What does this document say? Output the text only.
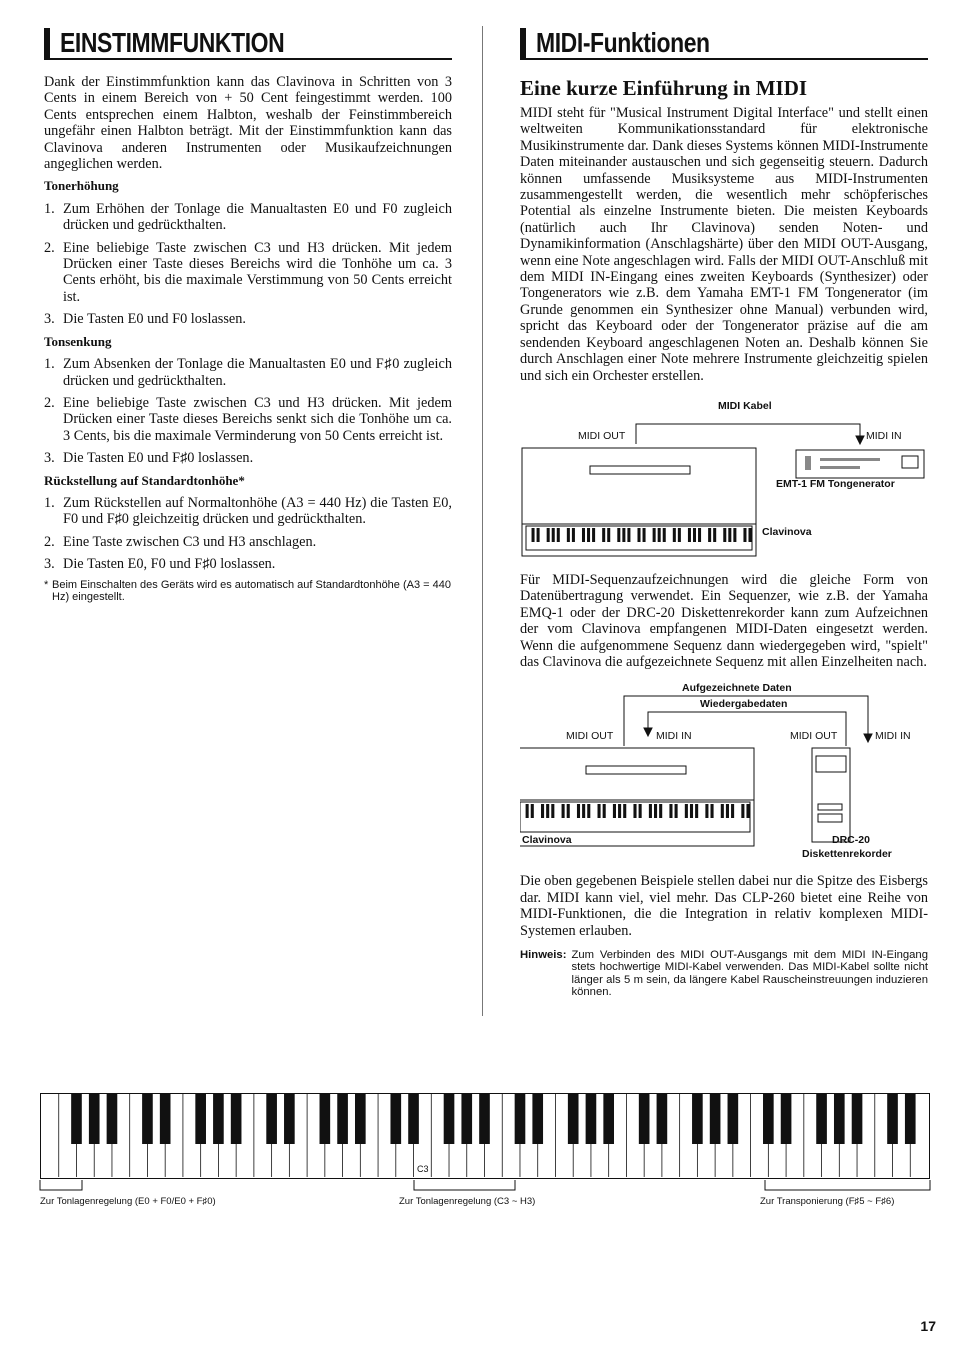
EINSTIMMFUNKTION

Dank der Einstimmfunktion kann das Clavinova in Schritten von 3 Cents in einem Bereich von + 50 Cent feingestimmt werden. 100 Cents entsprechen einem Halbton, weshalb der Feinstimmbereich ungefähr einen Halbton beträgt. Mit der Einstimmfunktion kann das Clavinova anderen Instrumenten oder Musikaufzeichnungen angeglichen werden.

Tonerhöhung
1. Zum Erhöhen der Tonlage die Manualtasten E0 und F0 zugleich drücken und gedrückthalten.
2. Eine beliebige Taste zwischen C3 und H3 drücken. Mit jedem Drücken einer Taste dieses Bereichs wird die Tonhöhe um ca. 3 Cents erhöht, bis die maximale Verstimmung von 50 Cents erreicht ist.
3. Die Tasten E0 und F0 loslassen.
Tonsenkung
1. Zum Absenken der Tonlage die Manualtasten E0 und F♯0 zugleich drücken und gedrückthalten.
2. Eine beliebige Taste zwischen C3 und H3 drücken. Mit jedem Drücken einer Taste dieses Bereichs senkt sich die Tonhöhe um ca. 3 Cents, bis die maximale Verminderung von 50 Cents erreicht ist.
3. Die Tasten E0 und F♯0 loslassen.
Rückstellung auf Standardtonhöhe*
1. Zum Rückstellen auf Normaltonhöhe (A3 = 440 Hz) die Tasten E0, F0 und F♯0 gleichzeitig drücken und gedrückthalten.
2. Eine Taste zwischen C3 und H3 anschlagen.
3. Die Tasten E0, F0 und F♯0 loslassen.
* Beim Einschalten des Geräts wird es automatisch auf Standardtonhöhe (A3 = 440 Hz) eingestellt.
MIDI-Funktionen
Eine kurze Einführung in MIDI

MIDI steht für "Musical Instrument Digital Interface" und stellt einen weltweiten Kommunikationsstandard für elektronische Musikinstrumente dar. Dank dieses Systems können MIDI-Instrumente Daten miteinander austauschen und sich gegenseitig steuern. Dadurch können umfassende Musiksysteme aus MIDI-Instrumenten zusammengestellt werden, die wesentlich mehr schöpferisches Potential als einzelne Instrumente bieten. Die meisten Keyboards (natürlich auch Ihr Clavinova) senden Noten- und Dynamikinformation (Anschlagshärte) über den MIDI OUT-Ausgang, wenn eine Note angeschlagen wird. Falls der MIDI OUT-Anschluß mit dem MIDI IN-Eingang eines zweiten Keyboards (Synthesizer) oder Tongenerators wie z.B. dem Yamaha EMT-1 FM Tongenerator (im Grunde genommen ein Synthesizer ohne Manual) verbunden wird, spricht das Keyboard oder der Tongenerator präzise auf die am sendenden Keyboard angeschlagenen Noten an. Deshalb können Sie durch Anschlagen einer Note mehrere Instrumente gleichzeitig spielen und sich ein Orchester erstellen.

MIDI Kabel
MIDI OUT	MIDI IN
EMT-1 FM Tongenerator
Clavinova

Für MIDI-Sequenzaufzeichnungen wird die gleiche Form von Datenübertragung verwendet. Ein Sequenzer, wie z.B. der Yamaha EMQ-1 oder der DRC-20 Diskettenrekorder kann zum Aufzeichnen der vom Clavinova empfangenen MIDI-Daten eingesetzt werden. Wenn die aufgenommene Sequenz dann wiedergegeben wird, "spielt" das Clavinova die aufgezeichnete Sequenz mit allen Einzelheiten nach.

Aufgezeichnete Daten
Wiedergabedaten
MIDI OUT	MIDI IN	MIDI OUT	MIDI IN
Clavinova	DRC-20
Diskettenrekorder

Die oben gegebenen Beispiele stellen dabei nur die Spitze des Eisbergs dar. MIDI kann viel, viel mehr. Das CLP-260 bietet eine Reihe von MIDI-Funktionen, die die Integration in relativ komplexen MIDI-Systemen erlauben.

Hinweis: Zum Verbinden des MIDI OUT-Ausgangs mit dem MIDI IN-Eingang stets hochwertige MIDI-Kabel verwenden. Das MIDI-Kabel sollte nicht länger als 5 m sein, da längere Kabel Rauscheinstreuungen induzieren können.
C3
Zur Tonlagenregelung (E0 + F0/E0 + F♯0)	Zur Tonlagenregelung (C3 ~ H3)	Zur Transponierung (F♯5 ~ F♯6)
17
